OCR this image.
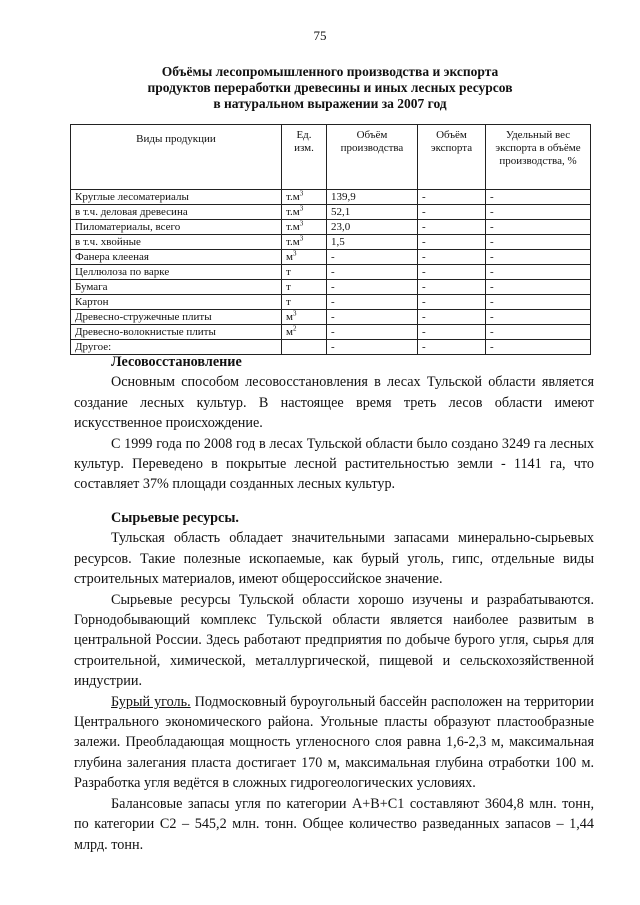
75
Объёмы лесопромышленного производства и экспорта
продуктов переработки древесины и иных лесных ресурсов
в натуральном выражении за 2007 год
Виды продукции	Ед. изм.	Объём производства	Объём экспорта	Удельный вес экспорта в объёме производства, %
Круглые лесоматериалы	$т.м^3$	139,9	-	-
в т.ч. деловая древесина	$т.м^3$	52,1	-	-
Пиломатериалы, всего	$т.м^3$	23,0	-	-
в т.ч. хвойные	$т.м^3$	1,5	-	-
Фанера клееная	$м^3$	-	-	-
Целлюлоза по варке	т	-	-	-
Бумага	т	-	-	-
Картон	т	-	-	-
Древесно-стружечные плиты	$м^3$	-	-	-
Древесно-волокнистые плиты	$м^2$	-	-	-
Другое:		-	-	-

Лесовосстановление

Основным способом лесовосстановления в лесах Тульской области является создание лесных культур. В настоящее время треть лесов области имеют искусственное происхождение.

С 1999 года по 2008 год в лесах Тульской области было создано 3249 га лесных культур. Переведено в покрытые лесной растительностью земли - 1141 га, что составляет 37% площади созданных лесных культур.

Сырьевые ресурсы.

Тульская область обладает значительными запасами минерально-сырьевых ресурсов. Такие полезные ископаемые, как бурый уголь, гипс, отдельные виды строительных материалов, имеют общероссийское значение.

Сырьевые ресурсы Тульской области хорошо изучены и разрабатываются. Горнодобывающий комплекс Тульской области является наиболее развитым в центральной России. Здесь работают предприятия по добыче бурого угля, сырья для строительной, химической, металлургической, пищевой и сельскохозяйственной индустрии.

Бурый уголь. Подмосковный буроугольный бассейн расположен на территории Центрального экономического района. Угольные пласты образуют пластообразные залежи. Преобладающая мощность угленосного слоя равна 1,6-2,3 м, максимальная глубина залегания пласта достигает 170 м, максимальная глубина отработки 100 м. Разработка угля ведётся в сложных гидрогеологических условиях.

Балансовые запасы угля по категории А+В+С1 составляют 3604,8 млн. тонн, по категории С2 – 545,2 млн. тонн. Общее количество разведанных запасов – 1,44 млрд. тонн.
